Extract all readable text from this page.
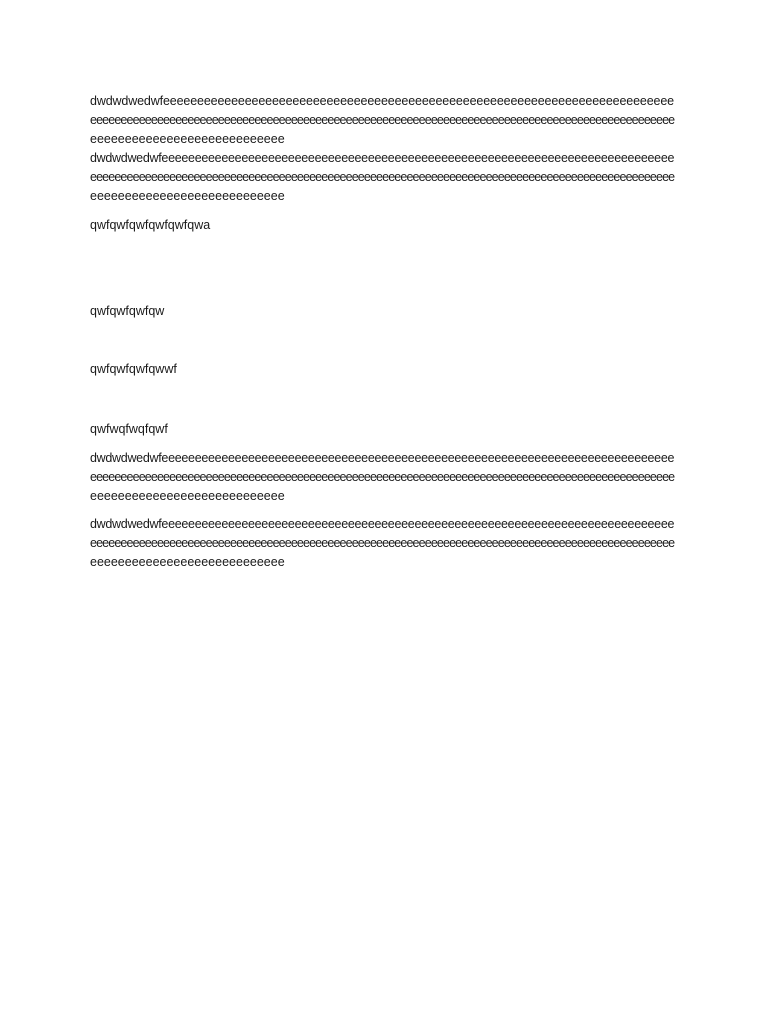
dwdwdwedwfeeeeeeeeeeeeeeeeeeeeeeeeeeeeeeeeeeeeeeeeeeeeeeeeeeeeeeeeeeeeeeeeeeeeeeeeeee

eeeeeeeeeeeeeeeeeeeeeeeeeeeeeeeeeeeeeeeeeeeeeeeeeeeeeeeeeeeeeeeeeeeeeeeeeeeeeeeeeeeeeeeeeeeeeeee

eeeeeeeeeeeeeeeeeeeeeeeeeeee

dwdwdwedwfeeeeeeeeeeeeeeeeeeeeeeeeeeeeeeeeeeeeeeeeeeeeeeeeeeeeeeeeeeeeeeeeeeeeeeeeeeeee

eeeeeeeeeeeeeeeeeeeeeeeeeeeeeeeeeeeeeeeeeeeeeeeeeeeeeeeeeeeeeeeeeeeeeeeeeeeeeeeeeeeeeeeeeeeeeeee

eeeeeeeeeeeeeeeeeeeeeeeeeeee

qwfqwfqwfqwfqwfqwa

qwfqwfqwfqw

qwfqwfqwfqwwf

qwfwqfwqfqwf

dwdwdwedwfeeeeeeeeeeeeeeeeeeeeeeeeeeeeeeeeeeeeeeeeeeeeeeeeeeeeeeeeeeeeeeeeeeeeeeeeeeeee

eeeeeeeeeeeeeeeeeeeeeeeeeeeeeeeeeeeeeeeeeeeeeeeeeeeeeeeeeeeeeeeeeeeeeeeeeeeeeeeeeeeeeeeeeeeeeeee

eeeeeeeeeeeeeeeeeeeeeeeeeeee

dwdwdwedwfeeeeeeeeeeeeeeeeeeeeeeeeeeeeeeeeeeeeeeeeeeeeeeeeeeeeeeeeeeeeeeeeeeeeeeeeeeeee

eeeeeeeeeeeeeeeeeeeeeeeeeeeeeeeeeeeeeeeeeeeeeeeeeeeeeeeeeeeeeeeeeeeeeeeeeeeeeeeeeeeeeeeeeeeeeeee

eeeeeeeeeeeeeeeeeeeeeeeeeeee
